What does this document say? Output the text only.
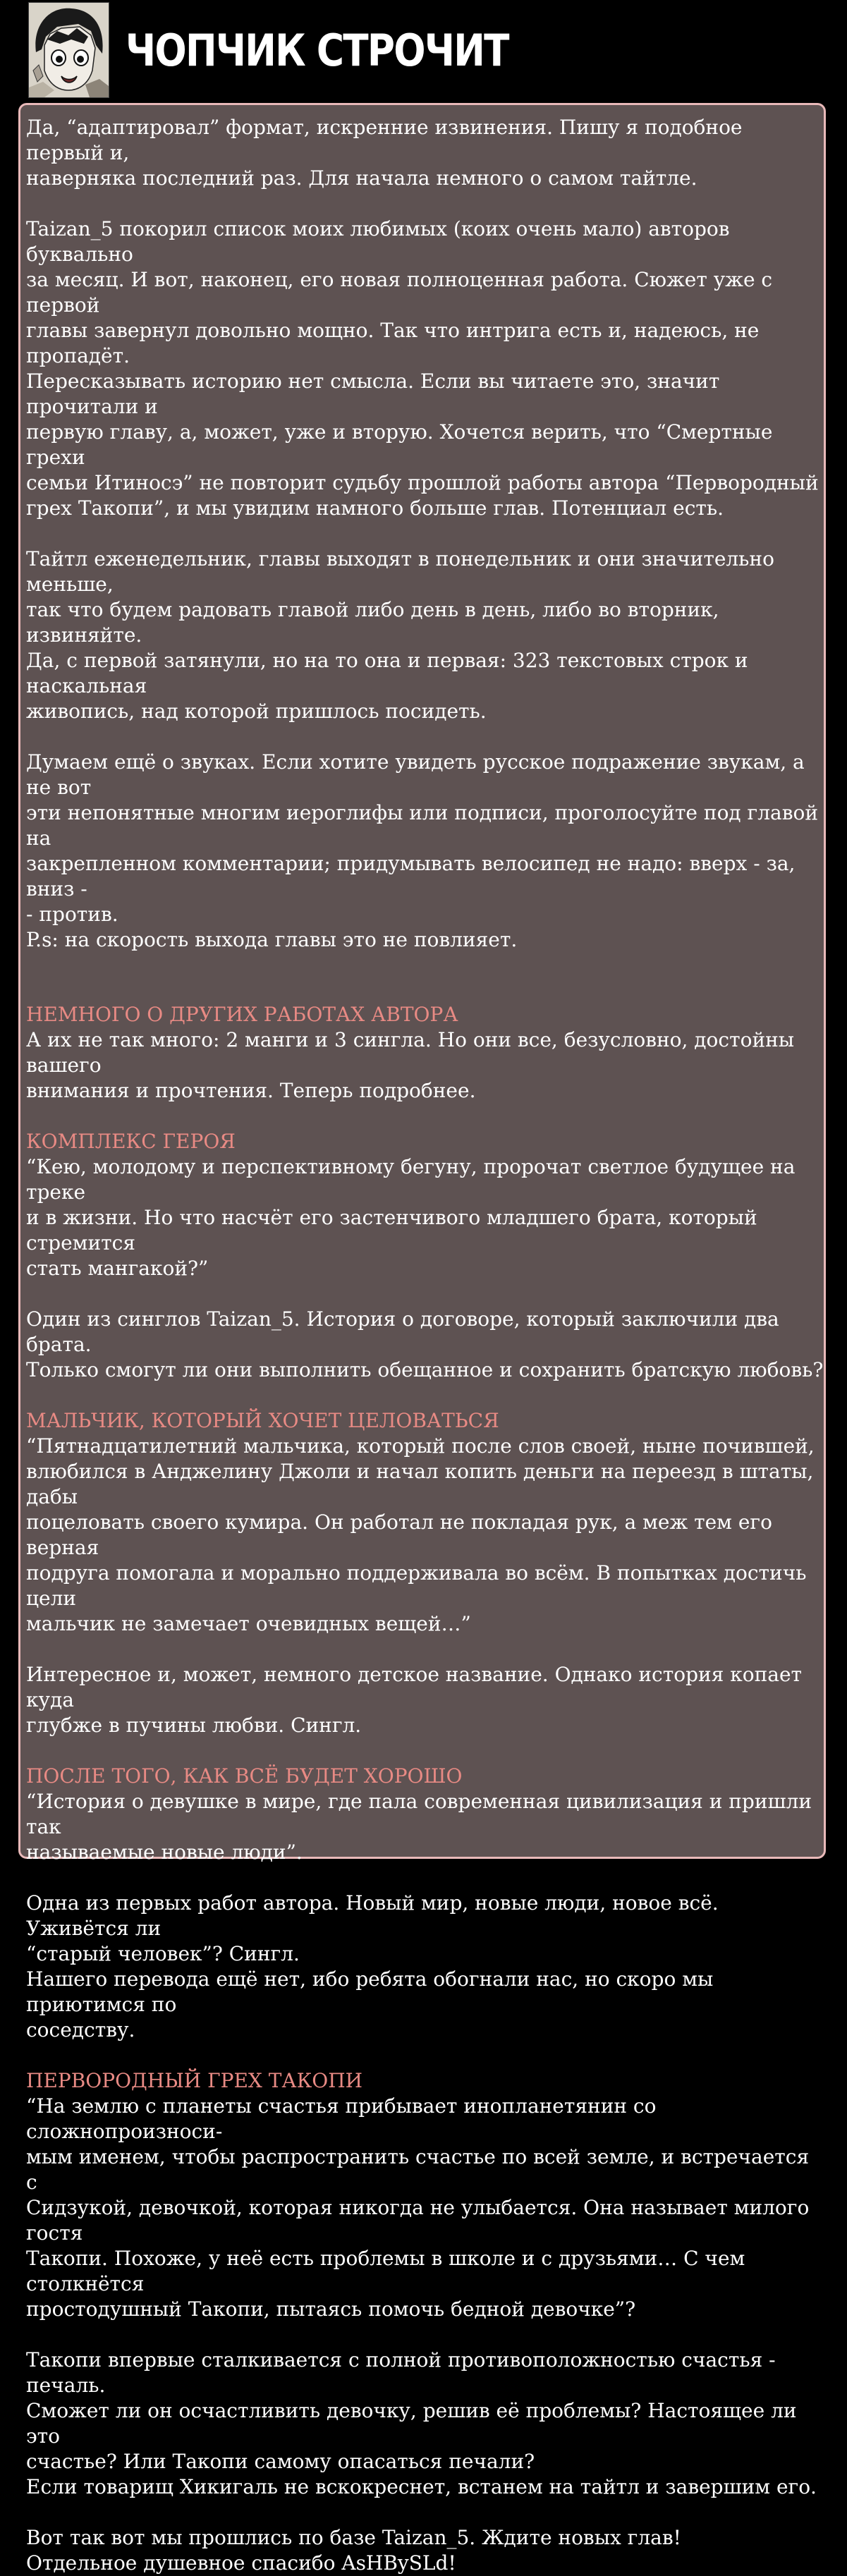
ЧОПЧИК СТРОЧИТ

Да, “адаптировал” формат, искренние извинения. Пишу я подобное первый и,
наверняка последний раз. Для начала немного о самом тайтле.

Taizan_5 покорил список моих любимых (коих очень мало) авторов буквально
за месяц. И вот, наконец, его новая полноценная работа. Сюжет уже с первой
главы завернул довольно мощно. Так что интрига есть и, надеюсь, не пропадёт.
Пересказывать историю нет смысла. Если вы читаете это, значит прочитали и
первую главу, а, может, уже и вторую. Хочется верить, что “Смертные грехи
семьи Итиносэ” не повторит судьбу прошлой работы автора “Первородный
грех Такопи”, и мы увидим намного больше глав. Потенциал есть.

Тайтл еженедельник, главы выходят в понедельник и они значительно меньше,
так что будем радовать главой либо день в день, либо во вторник, извиняйте.
Да, с первой затянули, но на то она и первая: 323 текстовых строк и наскальная
живопись, над которой пришлось посидеть.

Думаем ещё о звуках. Если хотите увидеть русское подражение звукам, а не вот
эти непонятные многим иероглифы или подписи, проголосуйте под главой на
закрепленном комментарии; придумывать велосипед не надо: вверх - за, вниз -
- против.
P.s: на скорость выхода главы это не повлияет.

НЕМНОГО О ДРУГИХ РАБОТАХ АВТОРА

А их не так много: 2 манги и 3 сингла. Но они все, безусловно, достойны вашего
внимания и прочтения. Теперь подробнее.

КОМПЛЕКС ГЕРОЯ

“Кею, молодому и перспективному бегуну, пророчат светлое будущее на треке
и в жизни. Но что насчёт его застенчивого младшего брата, который стремится
стать мангакой?”

Один из синглов Taizan_5. История о договоре, который заключили два брата.
Только смогут ли они выполнить обещанное и сохранить братскую любовь?

МАЛЬЧИК, КОТОРЫЙ ХОЧЕТ ЦЕЛОВАТЬСЯ

“Пятнадцатилетний мальчика, который после слов своей, ныне почившей,
влюбился в Анджелину Джоли и начал копить деньги на переезд в штаты, дабы
поцеловать своего кумира. Он работал не покладая рук, а меж тем его верная
подруга помогала и морально поддерживала во всём. В попытках достичь цели
мальчик не замечает очевидных вещей…”

Интересное и, может, немного детское название. Однако история копает куда
глубже в пучины любви. Сингл.

ПОСЛЕ ТОГО, КАК ВСЁ БУДЕТ ХОРОШО

“История о девушке в мире, где пала современная цивилизация и пришли так
называемые новые люди”.

Одна из первых работ автора. Новый мир, новые люди, новое всё. Уживётся ли
“старый человек”? Сингл.
Нашего перевода ещё нет, ибо ребята обогнали нас, но скоро мы приютимся по
соседству.

ПЕРВОРОДНЫЙ ГРЕХ ТАКОПИ

“На землю с планеты счастья прибывает инопланетянин со сложнопроизноси-
мым именем, чтобы распространить счастье по всей земле, и встречается с
Сидзукой, девочкой, которая никогда не улыбается. Она называет милого гостя
Такопи. Похоже, у неё есть проблемы в школе и с друзьями… С чем столкнётся
простодушный Такопи, пытаясь помочь бедной девочке”?

Такопи впервые сталкивается с полной противоположностью счастья - печаль.
Сможет ли он осчастливить девочку, решив её проблемы? Настоящее ли это
счастье? Или Такопи самому опасаться печали?
Если товарищ Хикигаль не вскокреснет, встанем на тайтл и завершим его.

Вот так вот мы прошлись по базе Taizan_5. Ждите новых глав!
Отдельное душевное спасибо AsHBySLd!
